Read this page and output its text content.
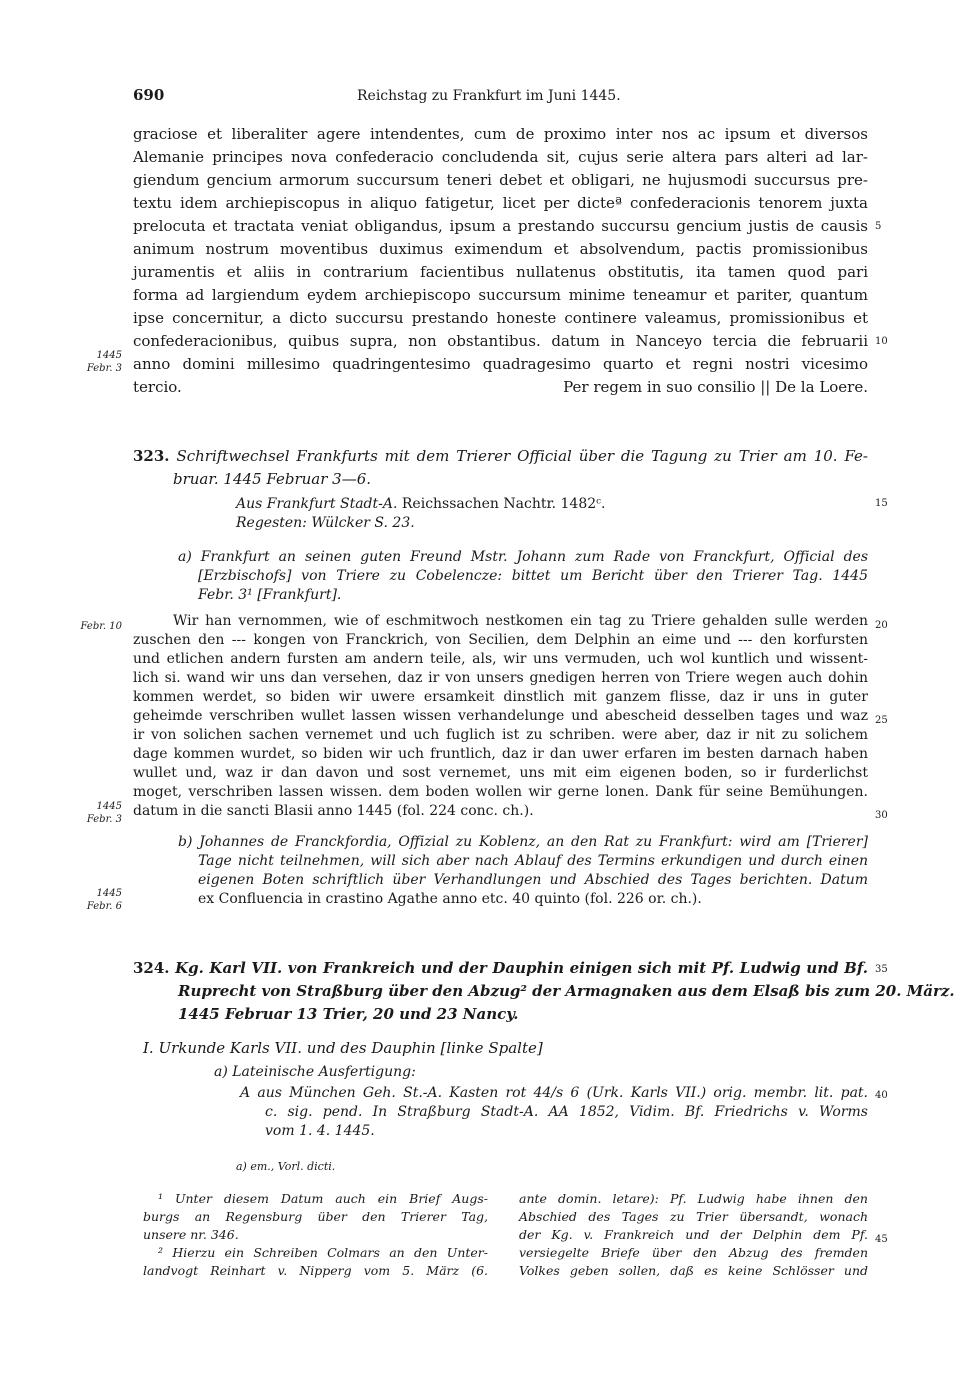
690	Reichstag zu Frankfurt im Juni 1445.
graciose et liberaliter agere intendentes, cum de proximo inter nos ac ipsum et diversos
Alemanie principes nova confederacio concludenda sit, cujus serie altera pars alteri ad lar-
giendum gencium armorum succursum teneri debet et obligari, ne hujusmodi succursus pre-
textu idem archiepiscopus in aliquo fatigetur, licet per dicteª confederacionis tenorem juxta
prelocuta et tractata veniat obligandus, ipsum a prestando succursu gencium justis de causis
animum nostrum moventibus duximus eximendum et absolvendum, pactis promissionibus
juramentis et aliis in contrarium facientibus nullatenus obstitutis, ita tamen quod pari
forma ad largiendum eydem archiepiscopo succursum minime teneamur et pariter, quantum
ipse concernitur, a dicto succursu prestando honeste continere valeamus, promissionibus et
confederacionibus, quibus supra, non obstantibus. datum in Nanceyo tercia die februarii
anno domini millesimo quadringentesimo quadragesimo quarto et regni nostri vicesimo
tercio.	Per regem in suo consilio || De la Loere.
323. Schriftwechsel Frankfurts mit dem Trierer Official über die Tagung zu Trier am 10. Fe-
bruar. 1445 Februar 3—6.
Aus Frankfurt Stadt-A. Reichssachen Nachtr. 1482ᶜ.
Regesten: Wülcker S. 23.
a) Frankfurt an seinen guten Freund Mstr. Johann zum Rade von Franckfurt, Official des
[Erzbischofs] von Triere zu Cobelencze: bittet um Bericht über den Trierer Tag. 1445
Febr. 3¹ [Frankfurt].
Wir han vernommen, wie of eschmitwoch nestkomen ein tag zu Triere gehalden sulle werden
zuschen den --- kongen von Franckrich, von Secilien, dem Delphin an eime und --- den korfursten
und etlichen andern fursten am andern teile, als, wir uns vermuden, uch wol kuntlich und wissent-
lich si. wand wir uns dan versehen, daz ir von unsers gnedigen herren von Triere wegen auch dohin
kommen werdet, so biden wir uwere ersamkeit dinstlich mit ganzem flisse, daz ir uns in guter
geheimde verschriben wullet lassen wissen verhandelunge und abescheid desselben tages und waz
ir von solichen sachen vernemet und uch fuglich ist zu schriben. were aber, daz ir nit zu solichem
dage kommen wurdet, so biden wir uch fruntlich, daz ir dan uwer erfaren im besten darnach haben
wullet und, waz ir dan davon und sost vernemet, uns mit eim eigenen boden, so ir furderlichst
moget, verschriben lassen wissen. dem boden wollen wir gerne lonen. Dank für seine Bemühungen.
datum in die sancti Blasii anno 1445 (fol. 224 conc. ch.).
b) Johannes de Franckfordia, Offizial zu Koblenz, an den Rat zu Frankfurt: wird am [Trierer]
Tage nicht teilnehmen, will sich aber nach Ablauf des Termins erkundigen und durch einen
eigenen Boten schriftlich über Verhandlungen und Abschied des Tages berichten. Datum
ex Confluencia in crastino Agathe anno etc. 40 quinto (fol. 226 or. ch.).
324. Kg. Karl VII. von Frankreich und der Dauphin einigen sich mit Pf. Ludwig und Bf.
Ruprecht von Straßburg über den Abzug² der Armagnaken aus dem Elsaß bis zum 20. März.
1445 Februar 13 Trier, 20 und 23 Nancy.
I. Urkunde Karls VII. und des Dauphin [linke Spalte]
a) Lateinische Ausfertigung:
A aus München Geh. St.-A. Kasten rot 44/s 6 (Urk. Karls VII.) orig. membr. lit. pat.
c. sig. pend. In Straßburg Stadt-A. AA 1852, Vidim. Bf. Friedrichs v. Worms
vom 1. 4. 1445.
a) em., Vorl. dicti.
¹ Unter diesem Datum auch ein Brief Augs-
burgs an Regensburg über den Trierer Tag,
unsere nr. 346.
² Hierzu ein Schreiben Colmars an den Unter-
landvogt Reinhart v. Nipperg vom 5. März (6.
ante domin. letare): Pf. Ludwig habe ihnen den
Abschied des Tages zu Trier übersandt, wonach
der Kg. v. Frankreich und der Delphin dem Pf.
versiegelte Briefe über den Abzug des fremden
Volkes geben sollen, daß es keine Schlösser und
5
10
15
20
25
30
35
40
45
1445
Febr. 3
Febr. 10
1445
Febr. 3
1445
Febr. 6
